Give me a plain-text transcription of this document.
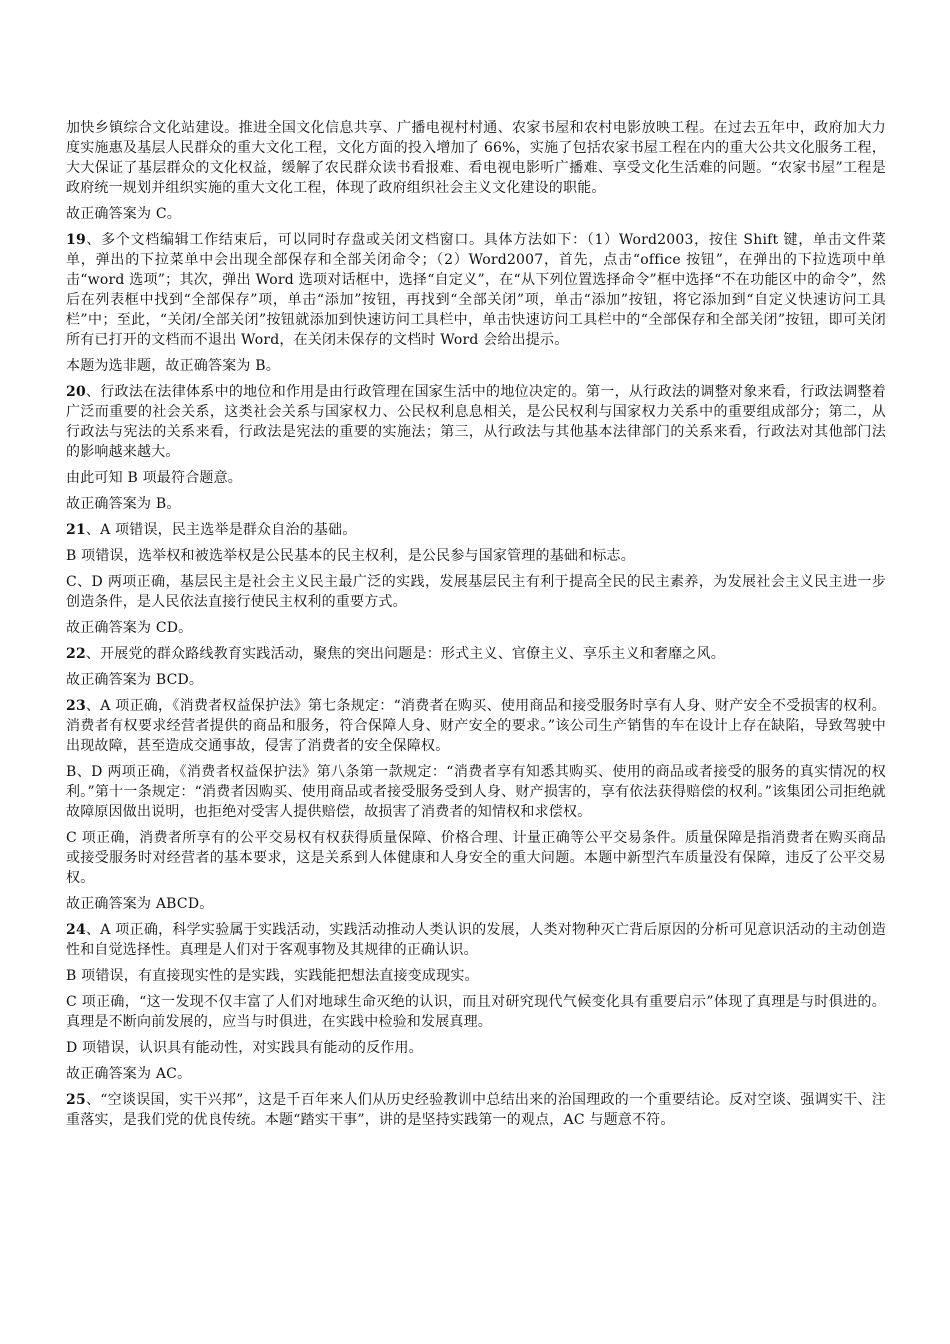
加快乡镇综合文化站建设。推进全国文化信息共享、广播电视村村通、农家书屋和农村电影放映工程。在过去五年中，政府加大力度实施惠及基层人民群众的重大文化工程，文化方面的投入增加了 66%，实施了包括农家书屋工程在内的重大公共文化服务工程，大大保证了基层群众的文化权益，缓解了农民群众读书看报难、看电视电影听广播难、享受文化生活难的问题。“农家书屋”工程是政府统一规划并组织实施的重大文化工程，体现了政府组织社会主义文化建设的职能。

故正确答案为 C。

19、多个文档编辑工作结束后，可以同时存盘或关闭文档窗口。具体方法如下：（1）Word2003，按住 Shift 键，单击文件菜单，弹出的下拉菜单中会出现全部保存和全部关闭命令；（2）Word2007，首先，点击“office 按钮”，在弹出的下拉选项中单击“word 选项”；其次，弹出 Word 选项对话框中，选择“自定义”，在“从下列位置选择命令”框中选择“不在功能区中的命令”，然后在列表框中找到“全部保存”项，单击“添加”按钮，再找到“全部关闭”项，单击“添加”按钮，将它添加到“自定义快速访问工具栏”中；至此，“关闭/全部关闭”按钮就添加到快速访问工具栏中，单击快速访问工具栏中的“全部保存和全部关闭”按钮，即可关闭所有已打开的文档而不退出 Word，在关闭未保存的文档时 Word 会给出提示。

本题为选非题，故正确答案为 B。

20、行政法在法律体系中的地位和作用是由行政管理在国家生活中的地位决定的。第一，从行政法的调整对象来看，行政法调整着广泛而重要的社会关系，这类社会关系与国家权力、公民权利息息相关，是公民权利与国家权力关系中的重要组成部分；第二，从行政法与宪法的关系来看，行政法是宪法的重要的实施法；第三，从行政法与其他基本法律部门的关系来看，行政法对其他部门法的影响越来越大。

由此可知 B 项最符合题意。

故正确答案为 B。

21、A 项错误，民主选举是群众自治的基础。

B 项错误，选举权和被选举权是公民基本的民主权利，是公民参与国家管理的基础和标志。

C、D 两项正确，基层民主是社会主义民主最广泛的实践，发展基层民主有利于提高全民的民主素养，为发展社会主义民主进一步创造条件，是人民依法直接行使民主权利的重要方式。

故正确答案为 CD。

22、开展党的群众路线教育实践活动，聚焦的突出问题是：形式主义、官僚主义、享乐主义和奢靡之风。

故正确答案为 BCD。

23、A 项正确，《消费者权益保护法》第七条规定：“消费者在购买、使用商品和接受服务时享有人身、财产安全不受损害的权利。消费者有权要求经营者提供的商品和服务，符合保障人身、财产安全的要求。”该公司生产销售的车在设计上存在缺陷，导致驾驶中出现故障，甚至造成交通事故，侵害了消费者的安全保障权。

B、D 两项正确，《消费者权益保护法》第八条第一款规定：“消费者享有知悉其购买、使用的商品或者接受的服务的真实情况的权利。”第十一条规定：“消费者因购买、使用商品或者接受服务受到人身、财产损害的，享有依法获得赔偿的权利。”该集团公司拒绝就故障原因做出说明，也拒绝对受害人提供赔偿，故损害了消费者的知情权和求偿权。

C 项正确，消费者所享有的公平交易权有权获得质量保障、价格合理、计量正确等公平交易条件。质量保障是指消费者在购买商品或接受服务时对经营者的基本要求，这是关系到人体健康和人身安全的重大问题。本题中新型汽车质量没有保障，违反了公平交易权。

故正确答案为 ABCD。

24、A 项正确，科学实验属于实践活动，实践活动推动人类认识的发展，人类对物种灭亡背后原因的分析可见意识活动的主动创造性和自觉选择性。真理是人们对于客观事物及其规律的正确认识。

B 项错误，有直接现实性的是实践，实践能把想法直接变成现实。

C 项正确，“这一发现不仅丰富了人们对地球生命灭绝的认识，而且对研究现代气候变化具有重要启示”体现了真理是与时俱进的。真理是不断向前发展的，应当与时俱进，在实践中检验和发展真理。

D 项错误，认识具有能动性，对实践具有能动的反作用。

故正确答案为 AC。

25、“空谈误国，实干兴邦”，这是千百年来人们从历史经验教训中总结出来的治国理政的一个重要结论。反对空谈、强调实干、注重落实，是我们党的优良传统。本题“踏实干事”，讲的是坚持实践第一的观点，AC 与题意不符。
